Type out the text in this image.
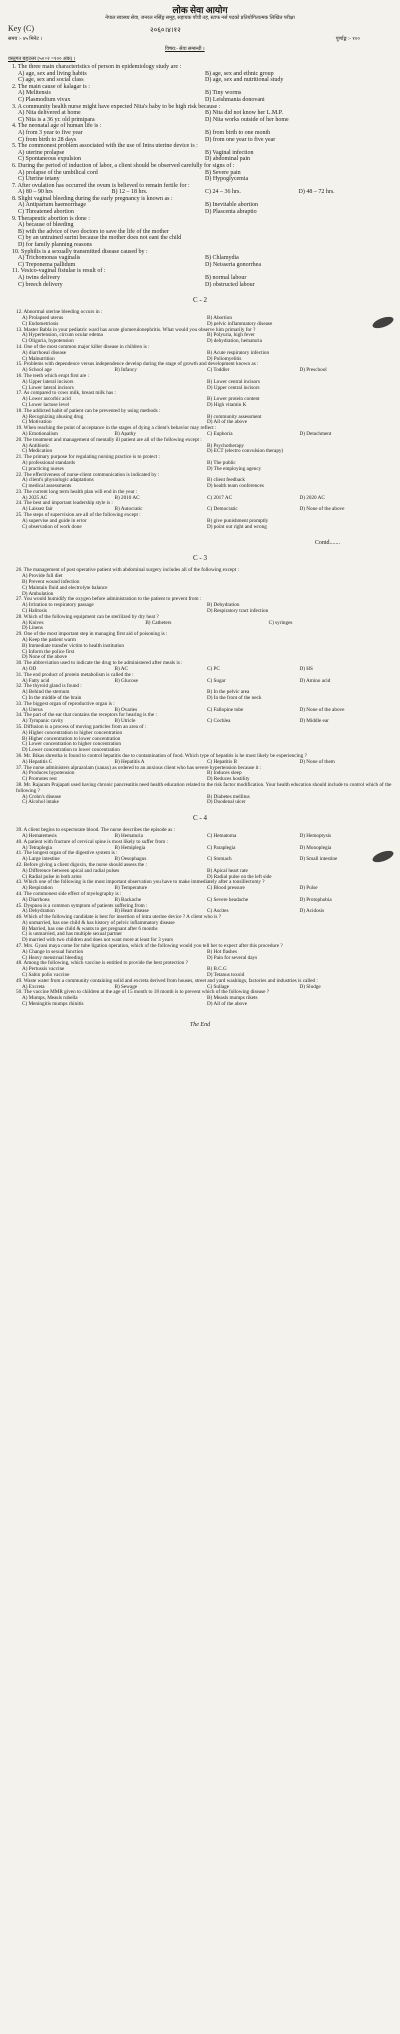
लोक सेवा आयोग
नेपाल स्वास्थ्य सेवा, जनरल नर्सिङ्ग समूह, सहायक पाँचौ तह, स्टाफ नर्स पदको प्रतियोगितात्मक लिखित परीक्षा
Key (C)	२०६०।४।१२
समय :- ४५ मिनेट ।	पूर्णाङ्क :- १००
विषय:- सेवा सम्बन्धी ।
वस्तुगत बहुउत्तर (५०×२ =१०० अंक) ।
1. The three main characteristics of person in epidemiology study are :
A) age, sex and living habits	B) age, sex and ethnic group
C) age, sex and social class	D) age, sex and nutritional study
2. The main cause of kalagar is :
A) Melitensis	B) Tiny worms
C) Plasmodium vivax	D) Leishmania donovani
3. A community health nurse might have expected Nita's baby to be high risk because :
A) Nita delivered at home	B) Nita did not know her L.M.P.
C) Nita is a 36 yr. old primipara	D) Nita works outside of her home
4. The neonatal age of human life is :
A) from 3 year to five year	B) from birth to one month
C) from birth to 28 days	D) from one year to five year
5. The commonest problem associated with the use of Intra uterine device is :
A) uterine prolapse	B) Vaginal infection
C) Spontaneous expulsion	D) abdominal pain
6. During the period of induction of labor, a client should be observed carefully for signs of :
A) prolapse of the umbilical cord	B) Severe pain
C) Uterine tetany	D) Hypoglycemia
7. After ovulation has occurred the ovum is believed to remain fertile for :
A) 80 – 90 hrs	B) 12 – 18 hrs.	C) 24 – 36 hrs.	D) 48 – 72 hrs.
8. Slight vaginal bleeding during the early pregnancy is known as :
A) Antipartum haemorrhage	B) Inevitable abortion
C) Threatened abortion	D) Plascenta abraptio
9. Therapeutic abortion is done :
A) because of bleeding
B) with the advice of two doctors to save the life of the mother
C) by an untrained surini because the mother does not eant the child
D) for family planning reasons
10. Syphilis is a sexually transmitted disease caused by :
A) Trichomonas vaginalis	B) Chlamydia
C) Treponema pallidum	D) Neisseria gonorrhea
11. Vesico-vaginal fistulae is result of :
A) twins delivery	B) normal labour
C) breech delivery	D) obstructed labour
C - 2
12. Abnormal uterine bleeding occurs in :
A) Prolapsed uterus	B) Abortion
C) Endometriosis	D) pelvic inflammatory disease
13. Master Babla in your pediatric ward has acute glomerulonephritis. What would you observe him primarily for ?
A) Hypertension, circum ocular edema	B) Polyuria, high fever
C) Oliguria, hypotension	D) dehydration, hematuria
14. One of the most common major killer disease in children is :
A) diarrhoeal disease	B) Acute respiratory infection
C) Malnutrition	D) Poliomyelitis
15. Problems with dependence versus independence develop during the stage of growth and development known as :
A) School age	B) Infancy	C) Toddler	D) Preschool
16. The teeth which erupt first are :
A) Upper lateral incisors	B) Lower central incisors
C) Lower lateral incisors	D) Upper central incisors
17. As compared to cows milk, breast milk has :
A) Lower ascorbic acid	B) Lower protein content
C) Lower lactose level	D) High vitamin K
18. The addicted habit of patient can be prevented by using methods :
A) Recognizing abusing drug	B) community assessment
C) Motivation	D) All of the above
19. When reaching the point of acceptance in the stages of dying a client's behavior may reflect :
A) Emotionalism	B) Apathy	C) Euphoria	D) Detachment
20. The treatment and management of mentally ill patient are all of the following except :
A) Antibiotic	B) Psychotherapy
C) Medication	D) ECT (electro convulsion therapy)
21. The primary purpose for regulating nursing practice is to protect :
A) professional standards	B) The public
C) practicing nurses	D) The employing agency
22. The effectiveness of nurse-client communication is indicated by :
A) client's physiologic adaptations	B) client feedback
C) medical assessments	D) health team conferences
23. The current long term health plan will end in the year :
A) 2025 AC	B) 2010 AC	C) 2017 AC	D) 2020 AC
24. The best and important leadership style is :
A) Laissez fair	B) Autocratic	C) Democratic	D) None of the above
25. The steps of supervision are all of the following except :
A) supervise and guide in error	B) give punishment promptly
C) observation of work done	D) point out right and wrong
Contd.......
C - 3
26. The management of post operative patient with abdominal surgery includes all of the following except :
A) Provide full diet
B) Prevent wound infection
C) Maintain fluid and electrolyte balance
D) Ambulation
27. You would humidify the oxygen before administration to the patient to prevent from :
A) Irritation to respiratory passage	B) Dehydration
C) Halitosis	D) Respiratory tract infection
28. Which of the following equipment can be sterilized by dry heat ?
A) Knives	B) Catheters	C) syringes
D) Linens
29. One of the most important step in managing first aid of poisoning is :
A) Keep the patient warm
B) Immediate transfer victim to health institution
C) Inform the police first
D) None of the above
30. The abbreviation used to indicate the drug to be administered after meals is :
A) OD	B) AC	C) PC	D) HS
31. The end product of protein metabolism is called the :
A) Fatty acid	B) Glucose	C) Sugar	D) Amino acid
32. The thyroid gland is found :
A) Behind the sternum	B) In the pelvic area
C) In the middle of the brain	D) In the front of the neck
33. The biggest organ of reproductive organ is :
A) Uterus	B) Ovaries	C) Fallopine tube	D) None of the above
34. The part of the ear that contains the receptors for hearing is the :
A) Tympanic cavity	B) Utricle	C) Cochlea	D) Middle ear
35. Diffusion is a process of moving particles from an area of :
A) Higher concentration to higher concentration
B) Higher concentration to lower concentration
C) Lower concentration to higher concentration
D) Lower concentration to lower concentration
36. Mr. Bikas shrestha is found to control hepatitis due to contamination of food. Which type of hepatitis is he most likely be experiencing ?
A) Hepatitis C	B) Hepatitis A	C) Hepatitis B	D) None of them
37. The nurse administers alprazolam (xanax) as ordered to an anxious client who has severe hypertension because it :
A) Produces hypotension	B) Induces sleep
C) Promotes rest	D) Reduces hostility
38. Mr. Rajaram Prajapati used having chronic pancreatitis need health education related to the risk factor modification. Your health education should include to control which of the following ?
A) Crohn's disease	B) Diabetes mellitus
C) Alcohol intake	D) Duodenal ulcer
C - 4
39. A client begins to expectorate blood. The nurse describes the episode as :
A) Hematemesis	B) Hematuria	C) Hematoma	D) Hemoptysis
40. A patient with fracture of cervical spine is most likely to suffer from :
A) Tetraplegia	B) Hemiplegia	C) Paraplegia	D) Monoplegia
41. The longest organ of the digestive system is :
A) Large intestine	B) Oesophagus	C) Stomach	D) Small intestine
42. Before giving a client digoxin, the nurse should assess the :
A) Difference between apical and radial pulses	B) Apical heart rate
C) Radial pulse in both arms	D) Radial pulse on the left side
43. Which one of the following is the most important observation you have to make immediately after a tonsillectomy ?
A) Respiration	B) Temperature	C) Blood pressure	D) Pulse
44. The commonest side effect of myelography is :
A) Diarrhoea	B) Backache	C) Severe headache	D) Protophobia
45. Dyspnea is a common symptom of patients suffering from :
A) Dehydration	B) Heart disease	C) Ascites	D) Acidosis
46. Which of the following candidate is best for insertion of intra uterine device ? A client who is ?
A) unmarried, has one child & has history of pelvic inflammatory disease
B) Married, has one child & wants to get pregnant after 6 months
C) is unmarried, and has multiple sexual partner
D) married with two children and does not want more at least for 3 years
47. Mrs. Gyani maya come for tube ligation operation, which of the following would you tell her to expect after this procedure ?
A) Change in sexual function	B) Hot flashes
C) Heavy menstrual bleeding	D) Pain for several days
48. Among the following, which vaccine is entitled to provide the best protection ?
A) Pertussis vaccine	B) B.C.G
C) Sabin polio vaccine	D) Tetanus toxoid
49. Waste water from a community containing solid and excreta derived from houses, street and yard washings, factories and industries is called :
A) Excreta	B) Sewage	C) Sullage	D) Sludge
50. The vaccine MMR given to children at the age of 15 month to 18 month is to prevent which of the following disease ?
A) Mumps, Measls rubella	B) Measls mumps rikets
C) Meningitis mumps rhinitis	D) All of the above
The End
